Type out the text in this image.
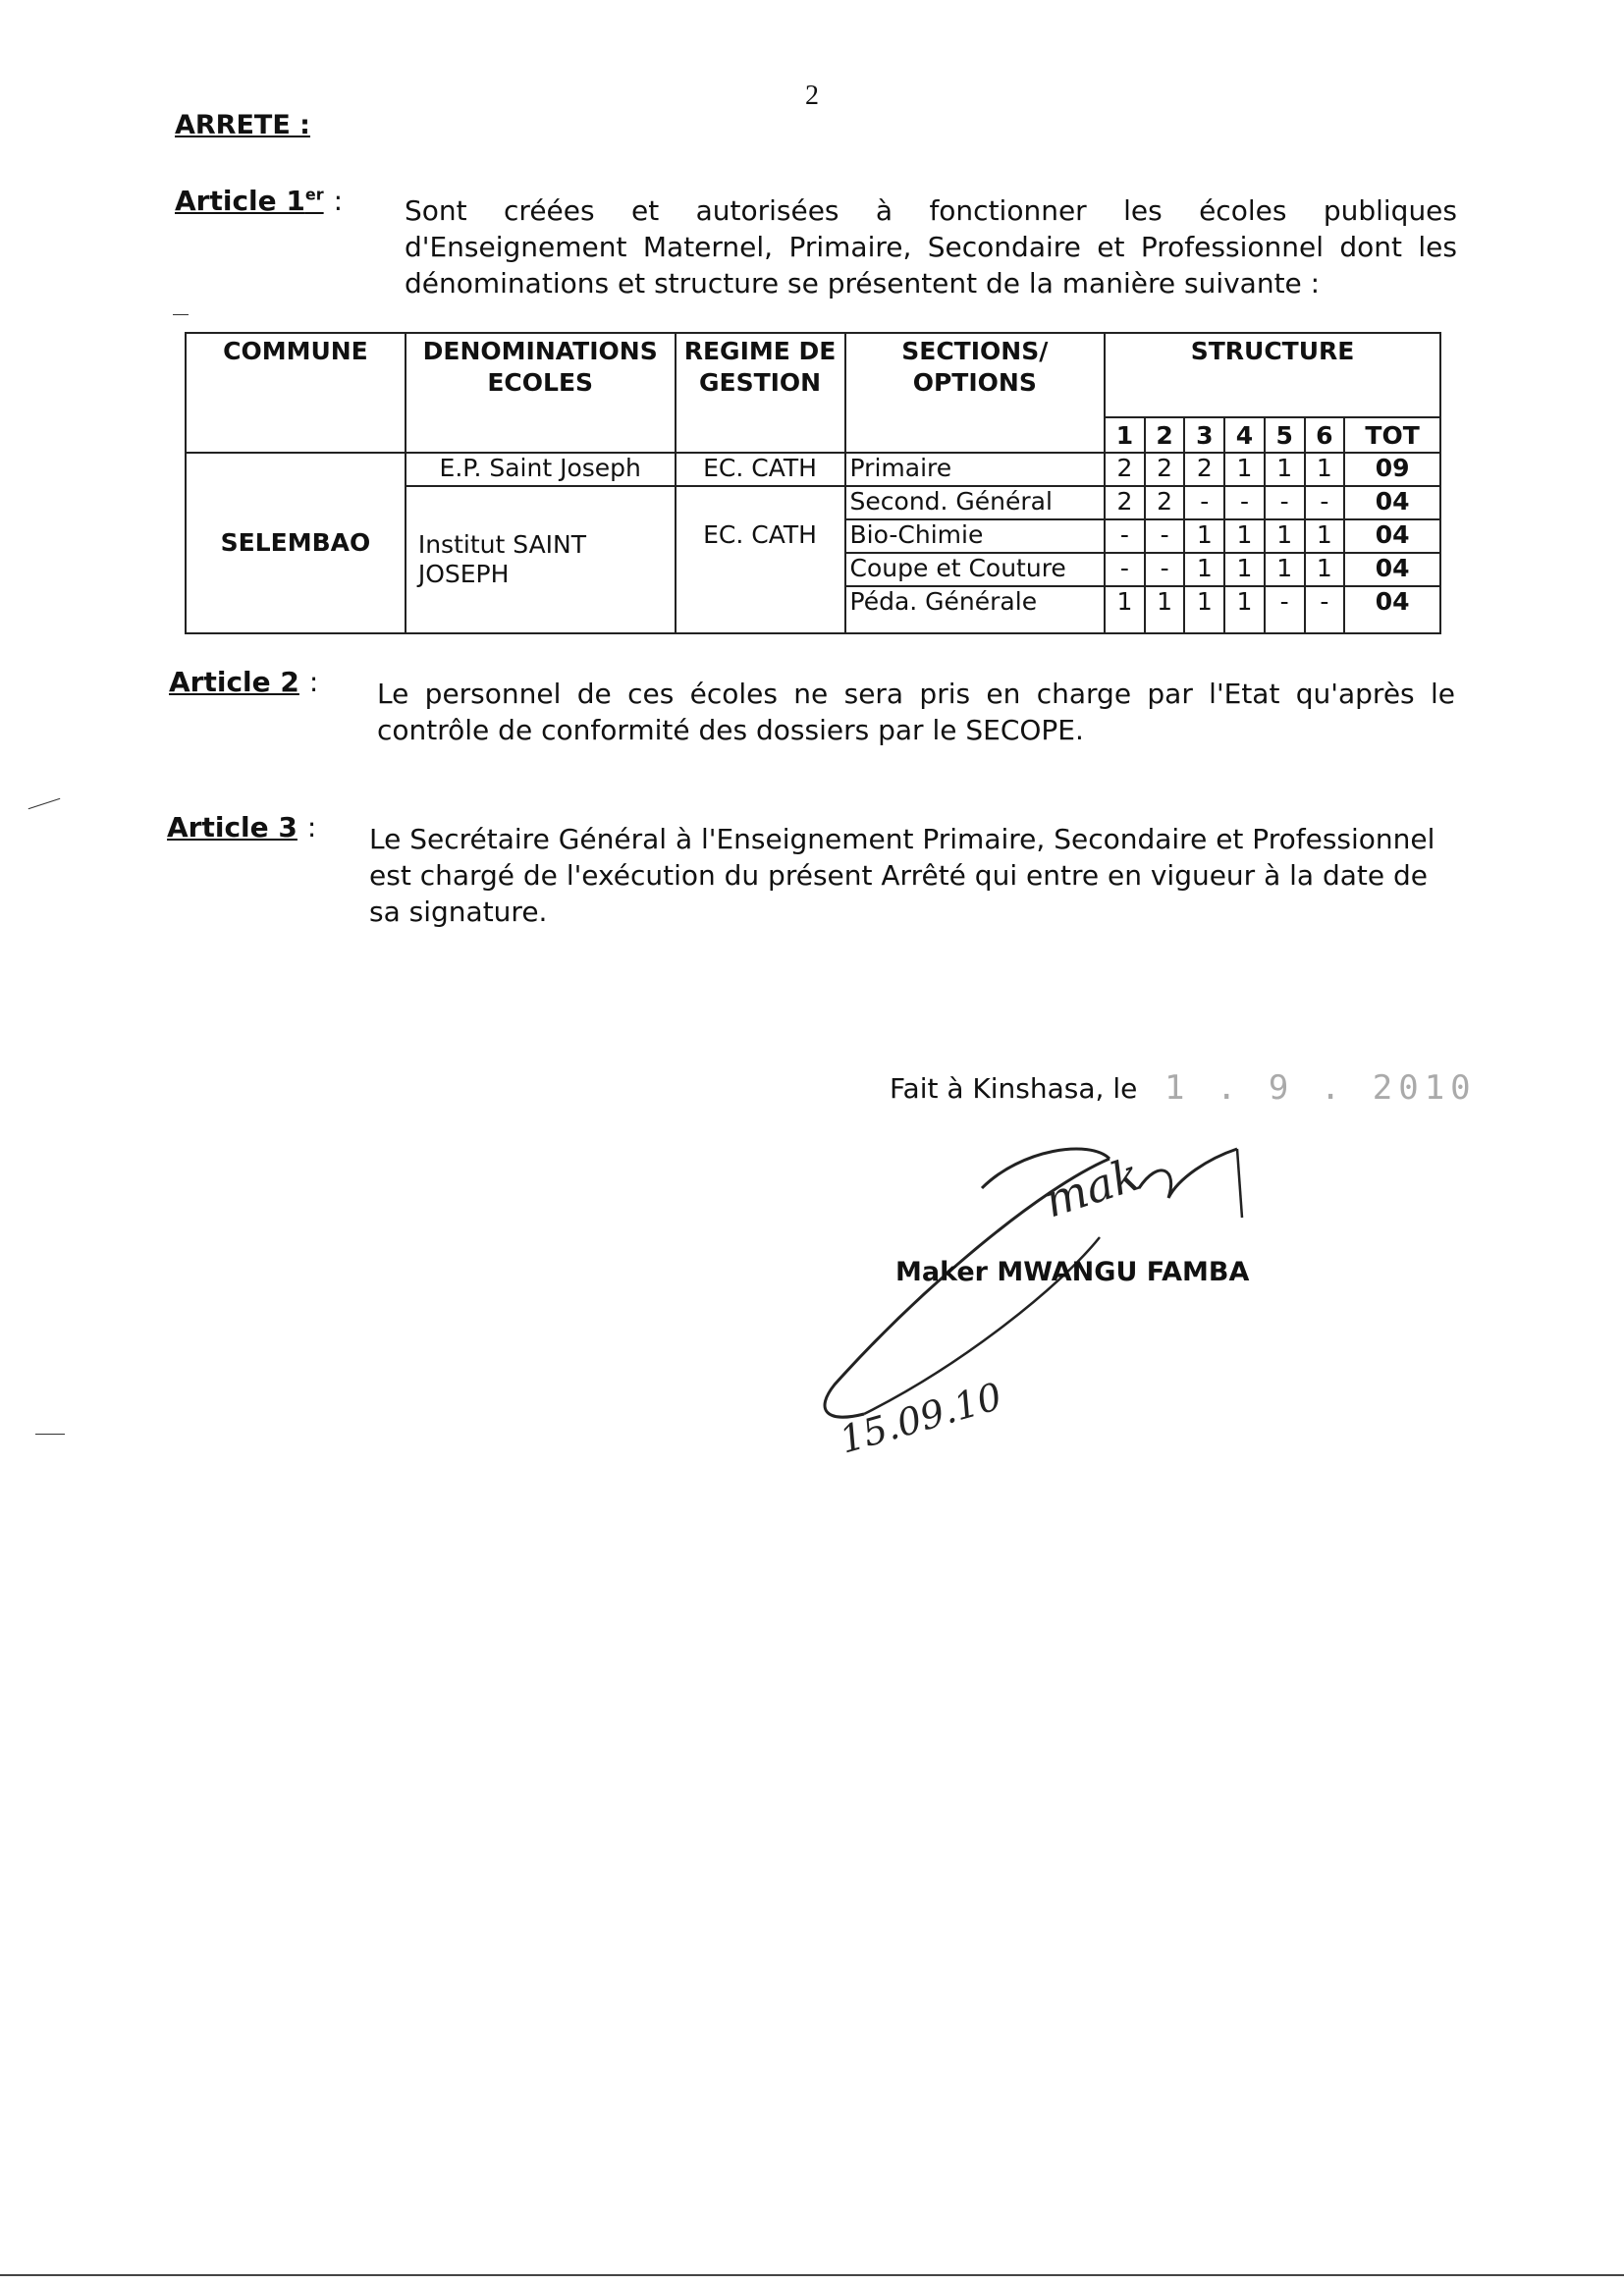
2
ARRETE :
Article 1er : Sont créées et autorisées à fonctionner les écoles publiques d'Enseignement Maternel, Primaire, Secondaire et Professionnel dont les dénominations et structure se présentent de la manière suivante :

COMMUNE	DENOMINATIONS ECOLES	REGIME DE GESTION	SECTIONS/ OPTIONS	STRUCTURE						
				1	2	3	4	5	6	TOT
SELEMBAO	E.P. Saint Joseph	EC. CATH	Primaire	2	2	2	1	1	1	09
	Institut SAINT JOSEPH	EC. CATH	Second. Général	2	2	-	-	-	-	04
			Bio-Chimie	-	-	1	1	1	1	04
			Coupe et Couture	-	-	1	1	1	1	04
			Péda. Générale	1	1	1	1	-	-	04
Article 2 : Le personnel de ces écoles ne sera pris en charge par l'Etat qu'après le contrôle de conformité des dossiers par le SECOPE.

Article 3 : Le Secrétaire Général à l'Enseignement Primaire, Secondaire et Professionnel est chargé de l'exécution du présent Arrêté qui entre en vigueur à la date de sa signature.

Fait à Kinshasa, le 1 . 9 . 2010
mak
15.09.10
Maker MWANGU FAMBA
